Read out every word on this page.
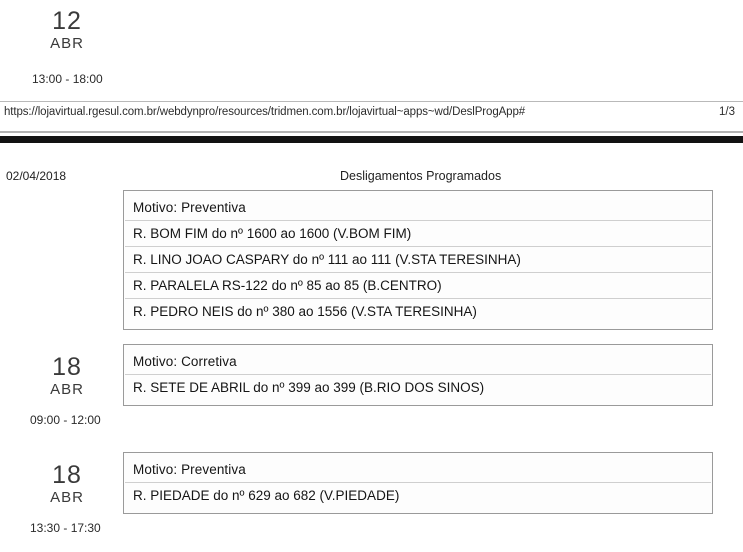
12
ABR
13:00 - 18:00
https://lojavirtual.rgesul.com.br/webdynpro/resources/tridmen.com.br/lojavirtual~apps~wd/DeslProgApp#	1/3
02/04/2018	Desligamentos Programados
Motivo: Preventiva
R. BOM FIM do nº 1600 ao 1600 (V.BOM FIM)
R. LINO JOAO CASPARY do nº 111 ao 111 (V.STA TERESINHA)
R. PARALELA RS-122 do nº 85 ao 85 (B.CENTRO)
R. PEDRO NEIS do nº 380 ao 1556 (V.STA TERESINHA)
18
ABR
09:00 - 12:00
Motivo: Corretiva
R. SETE DE ABRIL do nº 399 ao 399 (B.RIO DOS SINOS)
18
ABR
13:30 - 17:30
Motivo: Preventiva
R. PIEDADE do nº 629 ao 682 (V.PIEDADE)
